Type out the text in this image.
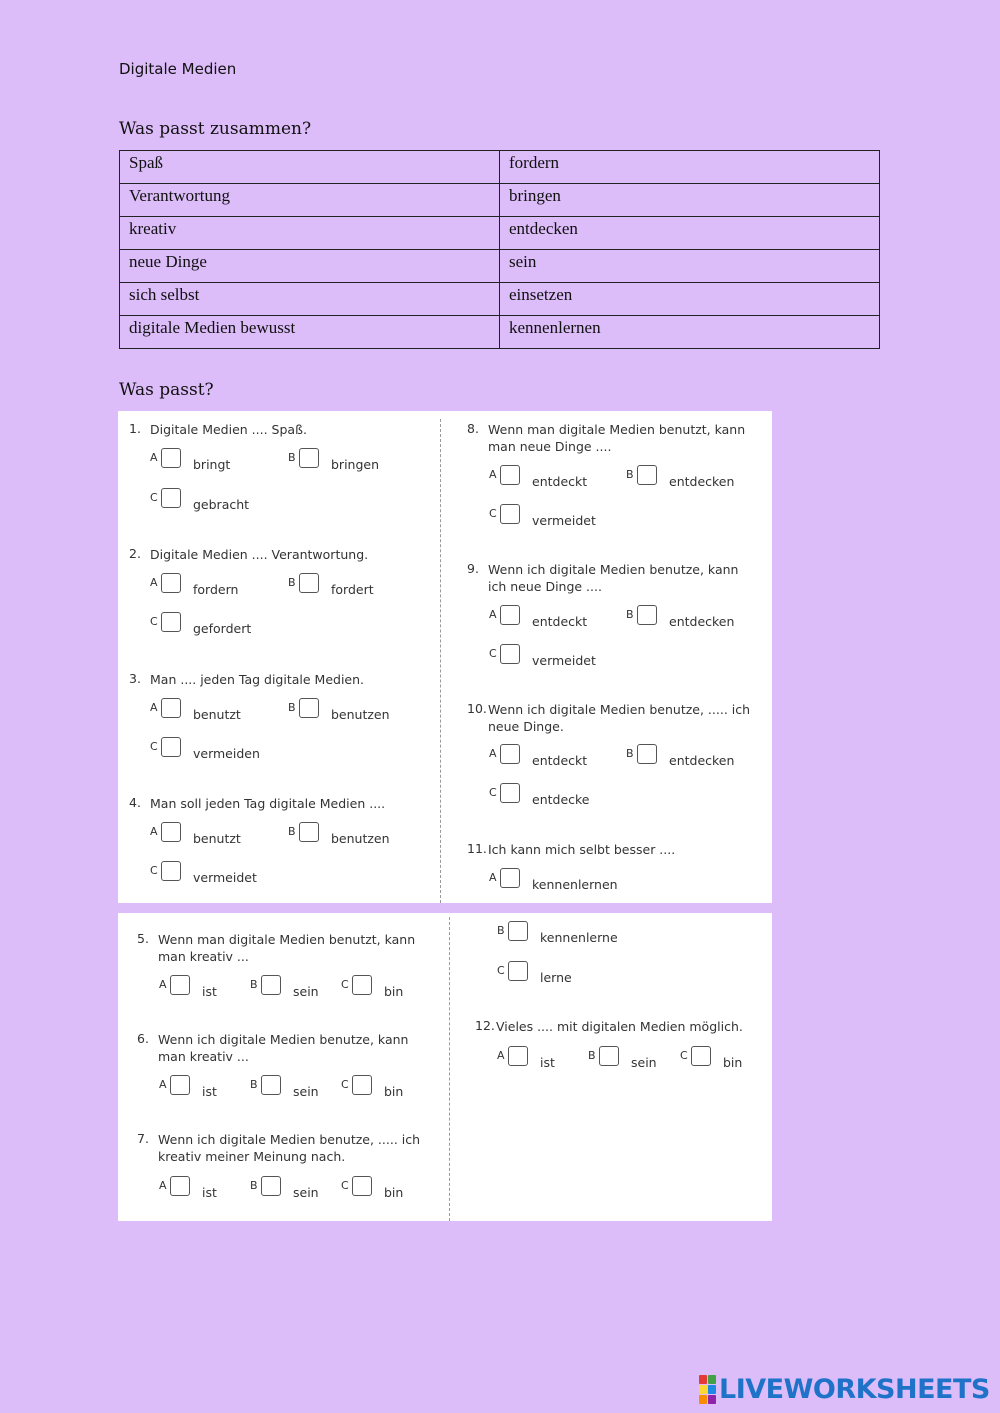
Digitale Medien
Was passt zusammen?
Spaß	fordern
Verantwortung	bringen
kreativ	entdecken
neue Dinge	sein
sich selbst	einsetzen
digitale Medien bewusst	kennenlernen
Was passt?
1. Digitale Medien .... Spaß.
A	bringt	B	bringen
C	gebracht
2. Digitale Medien .... Verantwortung.
A	fordern	B	fordert
C	gefordert
3. Man .... jeden Tag digitale Medien.
A	benutzt	B	benutzen
C	vermeiden
4. Man soll jeden Tag digitale Medien ....
A	benutzt	B	benutzen
C	vermeidet
8. Wenn man digitale Medien benutzt, kann man neue Dinge ....
A	entdeckt	B	entdecken
C	vermeidet
9. Wenn ich digitale Medien benutze, kann ich neue Dinge ....
A	entdeckt	B	entdecken
C	vermeidet
10. Wenn ich digitale Medien benutze, ..... ich neue Dinge.
A	entdeckt	B	entdecken
C	entdecke
11. Ich kann mich selbt besser ....
A	kennenlernen
5. Wenn man digitale Medien benutzt, kann man kreativ ...
A	ist	B	sein C	bin
6. Wenn ich digitale Medien benutze, kann man kreativ ...
A	ist	B	sein C	bin
7. Wenn ich digitale Medien benutze, ..... ich kreativ meiner Meinung nach.
A	ist	B	sein C	bin
B	kennenlerne
C	lerne
12. Vieles .... mit digitalen Medien möglich.
A	ist	B	sein C	bin
LIVEWORKSHEETS
